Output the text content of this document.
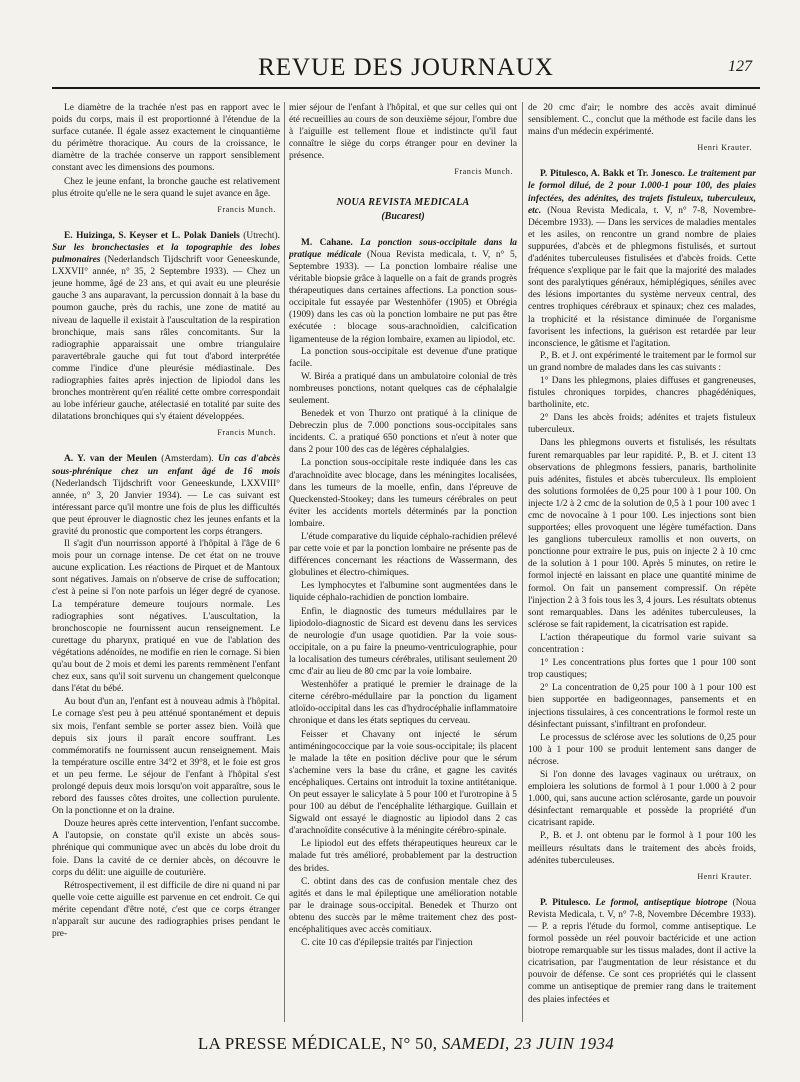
REVUE DES JOURNAUX	127

Le diamètre de la trachée n'est pas en rapport avec le poids du corps, mais il est proportionné à l'étendue de la surface cutanée. Il égale assez exactement le cinquantième du périmètre thoracique. Au cours de la croissance, le diamètre de la trachée conserve un rapport sensiblement constant avec les dimensions des poumons.

Chez le jeune enfant, la bronche gauche est relativement plus étroite qu'elle ne le sera quand le sujet avance en âge.

Francis Munch.

E. Huizinga, S. Keyser et L. Polak Daniels (Utrecht). Sur les bronchectasies et la topographie des lobes pulmonaires (Nederlandsch Tijdschrift voor Geneeskunde, LXXVII° année, n° 35, 2 Septembre 1933). — Chez un jeune homme, âgé de 23 ans, et qui avait eu une pleurésie gauche 3 ans auparavant, la percussion donnait à la base du poumon gauche, près du rachis, une zone de matité au niveau de laquelle il existait à l'auscultation de la respiration bronchique, mais sans râles concomitants. Sur la radiographie apparaissait une ombre triangulaire paravertébrale gauche qui fut tout d'abord interprétée comme l'indice d'une pleurésie médiastinale. Des radiographies faites après injection de lipiodol dans les bronches montrèrent qu'en réalité cette ombre correspondait au lobe inférieur gauche, atélectasié en totalité par suite des dilatations bronchiques qui s'y étaient développées.

Francis Munch.

A. Y. van der Meulen (Amsterdam). Un cas d'abcès sous-phrénique chez un enfant âgé de 16 mois (Nederlandsch Tijdschrift voor Geneeskunde, LXXVIII° année, n° 3, 20 Janvier 1934). — Le cas suivant est intéressant parce qu'il montre une fois de plus les difficultés que peut éprouver le diagnostic chez les jeunes enfants et la gravité du pronostic que comportent les corps étrangers.

Il s'agit d'un nourrisson apporté à l'hôpital à l'âge de 6 mois pour un cornage intense. De cet état on ne trouve aucune explication. Les réactions de Pirquet et de Mantoux sont négatives. Jamais on n'observe de crise de suffocation; c'est à peine si l'on note parfois un léger degré de cyanose. La température demeure toujours normale. Les radiographies sont négatives. L'auscultation, la bronchoscopie ne fournissent aucun renseignement. Le curettage du pharynx, pratiqué en vue de l'ablation des végétations adénoïdes, ne modifie en rien le cornage. Si bien qu'au bout de 2 mois et demi les parents remmènent l'enfant chez eux, sans qu'il soit survenu un changement quelconque dans l'état du bébé.

Au bout d'un an, l'enfant est à nouveau admis à l'hôpital. Le cornage s'est peu à peu atténué spontanément et depuis six mois, l'enfant semble se porter assez bien. Voilà que depuis six jours il paraît encore souffrant. Les commémoratifs ne fournissent aucun renseignement. Mais la température oscille entre 34°2 et 39°8, et le foie est gros et un peu ferme. Le séjour de l'enfant à l'hôpital s'est prolongé depuis deux mois lorsqu'on voit apparaître, sous le rebord des fausses côtes droites, une collection purulente. On la ponctionne et on la draine.

Douze heures après cette intervention, l'enfant succombe. A l'autopsie, on constate qu'il existe un abcès sous-phrénique qui communique avec un abcès du lobe droit du foie. Dans la cavité de ce dernier abcès, on découvre le corps du délit: une aiguille de couturière.

Rétrospectivement, il est difficile de dire ni quand ni par quelle voie cette aiguille est parvenue en cet endroit. Ce qui mérite cependant d'être noté, c'est que ce corps étranger n'apparaît sur aucune des radiographies prises pendant le pre-

mier séjour de l'enfant à l'hôpital, et que sur celles qui ont été recueillies au cours de son deuxième séjour, l'ombre due à l'aiguille est tellement floue et indistincte qu'il faut connaître le siège du corps étranger pour en deviner la présence.

Francis Munch.
NOUA REVISTA MEDICALA
(Bucarest)

M. Cahane. La ponction sous-occipitale dans la pratique médicale (Noua Revista medicala, t. V, n° 5, Septembre 1933). — La ponction lombaire réalise une véritable biopsie grâce à laquelle on a fait de grands progrès thérapeutiques dans certaines affections. La ponction sous-occipitale fut essayée par Westenhöfer (1905) et Obrégia (1909) dans les cas où la ponction lombaire ne put pas être exécutée : blocage sous-arachnoïdien, calcification ligamenteuse de la région lombaire, examen au lipiodol, etc.

La ponction sous-occipitale est devenue d'une pratique facile.

W. Biréa a pratiqué dans un ambulatoire colonial de très nombreuses ponctions, notant quelques cas de céphalalgie seulement.

Benedek et von Thurzo ont pratiqué à la clinique de Debreczin plus de 7.000 ponctions sous-occipitales sans incidents. C. a pratiqué 650 ponctions et n'eut à noter que dans 2 pour 100 des cas de légères céphalalgies.

La ponction sous-occipitale reste indiquée dans les cas d'arachnoïdite avec blocage, dans les méningites localisées, dans les tumeurs de la moelle, enfin, dans l'épreuve de Queckensted-Stookey; dans les tumeurs cérébrales on peut éviter les accidents mortels déterminés par la ponction lombaire.

L'étude comparative du liquide céphalo-rachidien prélevé par cette voie et par la ponction lombaire ne présente pas de différences concernant les réactions de Wassermann, des globulines et électro-chimiques.

Les lymphocytes et l'albumine sont augmentées dans le liquide céphalo-rachidien de ponction lombaire.

Enfin, le diagnostic des tumeurs médullaires par le lipiodolo-diagnostic de Sicard est devenu dans les services de neurologie d'un usage quotidien. Par la voie sous-occipitale, on a pu faire la pneumo-ventriculographie, pour la localisation des tumeurs cérébrales, utilisant seulement 20 cmc d'air au lieu de 80 cmc par la voie lombaire.

Westenhöfer a pratiqué le premier le drainage de la citerne cérébro-médullaire par la ponction du ligament atloïdo-occipital dans les cas d'hydrocéphalie inflammatoire chronique et dans les états septiques du cerveau.

Feisser et Chavany ont injecté le sérum antiméningococcique par la voie sous-occipitale; ils placent le malade la tête en position déclive pour que le sérum s'achemine vers la base du crâne, et gagne les cavités encéphaliques. Certains ont introduit la toxine antitétanique. On peut essayer le salicylate à 5 pour 100 et l'urotropine à 5 pour 100 au début de l'encéphalite léthargique. Guillain et Sigwald ont essayé le diagnostic au lipiodol dans 2 cas d'arachnoïdite consécutive à la méningite cérébro-spinale.

Le lipiodol eut des effets thérapeutiques heureux car le malade fut très amélioré, probablement par la destruction des brides.

C. obtint dans des cas de confusion mentale chez des agités et dans le mal épileptique une amélioration notable par le drainage sous-occipital. Benedek et Thurzo ont obtenu des succès par le même traitement chez des post-encéphalitiques avec accès comitiaux.

C. cite 10 cas d'épilepsie traités par l'injection

de 20 cmc d'air; le nombre des accès avait diminué sensiblement. C., conclut que la méthode est facile dans les mains d'un médecin expérimenté.

Henri Krauter.

P. Pitulesco, A. Bakk et Tr. Jonesco. Le traitement par le formol dilué, de 2 pour 1.000-1 pour 100, des plaies infectées, des adénites, des trajets fistuleux, tuberculeux, etc. (Noua Revista Medicala, t. V, n° 7-8, Novembre-Décembre 1933). — Dans les services de maladies mentales et les asiles, on rencontre un grand nombre de plaies suppurées, d'abcès et de phlegmons fistulisés, et surtout d'adénites tuberculeuses fistulisées et d'abcès froids. Cette fréquence s'explique par le fait que la majorité des malades sont des paralytiques généraux, hémiplégiques, séniles avec des lésions importantes du système nerveux central, des centres trophiques cérébraux et spinaux; chez ces malades, la trophicité et la résistance diminuée de l'organisme favorisent les infections, la guérison est retardée par leur inconscience, le gâtisme et l'agitation.

P., B. et J. ont expérimenté le traitement par le formol sur un grand nombre de malades dans les cas suivants :

1° Dans les phlegmons, plaies diffuses et gangreneuses, fistules chroniques torpides, chancres phagédéniques, bartholinite, etc.

2° Dans les abcès froids; adénites et trajets fistuleux tuberculeux.

Dans les phlegmons ouverts et fistulisés, les résultats furent remarquables par leur rapidité. P., B. et J. citent 13 observations de phlegmons fessiers, panaris, bartholinite puis adénites, fistules et abcès tuberculeux. Ils emploient des solutions formolées de 0,25 pour 100 à 1 pour 100. On injecte 1/2 à 2 cmc de la solution de 0,5 à 1 pour 100 avec 1 cmc de novocaïne à 1 pour 100. Les injections sont bien supportées; elles provoquent une légère tuméfaction. Dans les ganglions tuberculeux ramollis et non ouverts, on ponctionne pour extraire le pus, puis on injecte 2 à 10 cmc de la solution à 1 pour 100. Après 5 minutes, on retire le formol injecté en laissant en place une quantité minime de formol. On fait un pansement compressif. On répète l'injection 2 à 3 fois tous les 3, 4 jours. Les résultats obtenus sont remarquables. Dans les adénites tuberculeuses, la sclérose se fait rapidement, la cicatrisation est rapide.

L'action thérapeutique du formol varie suivant sa concentration :

1° Les concentrations plus fortes que 1 pour 100 sont trop caustiques;

2° La concentration de 0,25 pour 100 à 1 pour 100 est bien supportée en badigeonnages, pansements et en injections tissulaires, à ces concentrations le formol reste un désinfectant puissant, s'infiltrant en profondeur.

Le processus de sclérose avec les solutions de 0,25 pour 100 à 1 pour 100 se produit lentement sans danger de nécrose.

Si l'on donne des lavages vaginaux ou urétraux, on emploiera les solutions de formol à 1 pour 1.000 à 2 pour 1.000, qui, sans aucune action sclérosante, garde un pouvoir désinfectant remarquable et possède la propriété d'un cicatrisant rapide.

P., B. et J. ont obtenu par le formol à 1 pour 100 les meilleurs résultats dans le traitement des abcès froids, adénites tuberculeuses.

Henri Krauter.

P. Pitulesco. Le formol, antiseptique biotrope (Noua Revista Medicala, t. V, n° 7-8, Novembre Décembre 1933). — P. a repris l'étude du formol, comme antiseptique. Le formol possède un réel pouvoir bactéricide et une action biotrope remarquable sur les tissus malades, dont il active la cicatrisation, par l'augmentation de leur résistance et du pouvoir de défense. Ce sont ces propriétés qui le classent comme un antiseptique de premier rang dans le traitement des plaies infectées et

LA PRESSE MÉDICALE, N° 50, SAMEDI, 23 JUIN 1934
